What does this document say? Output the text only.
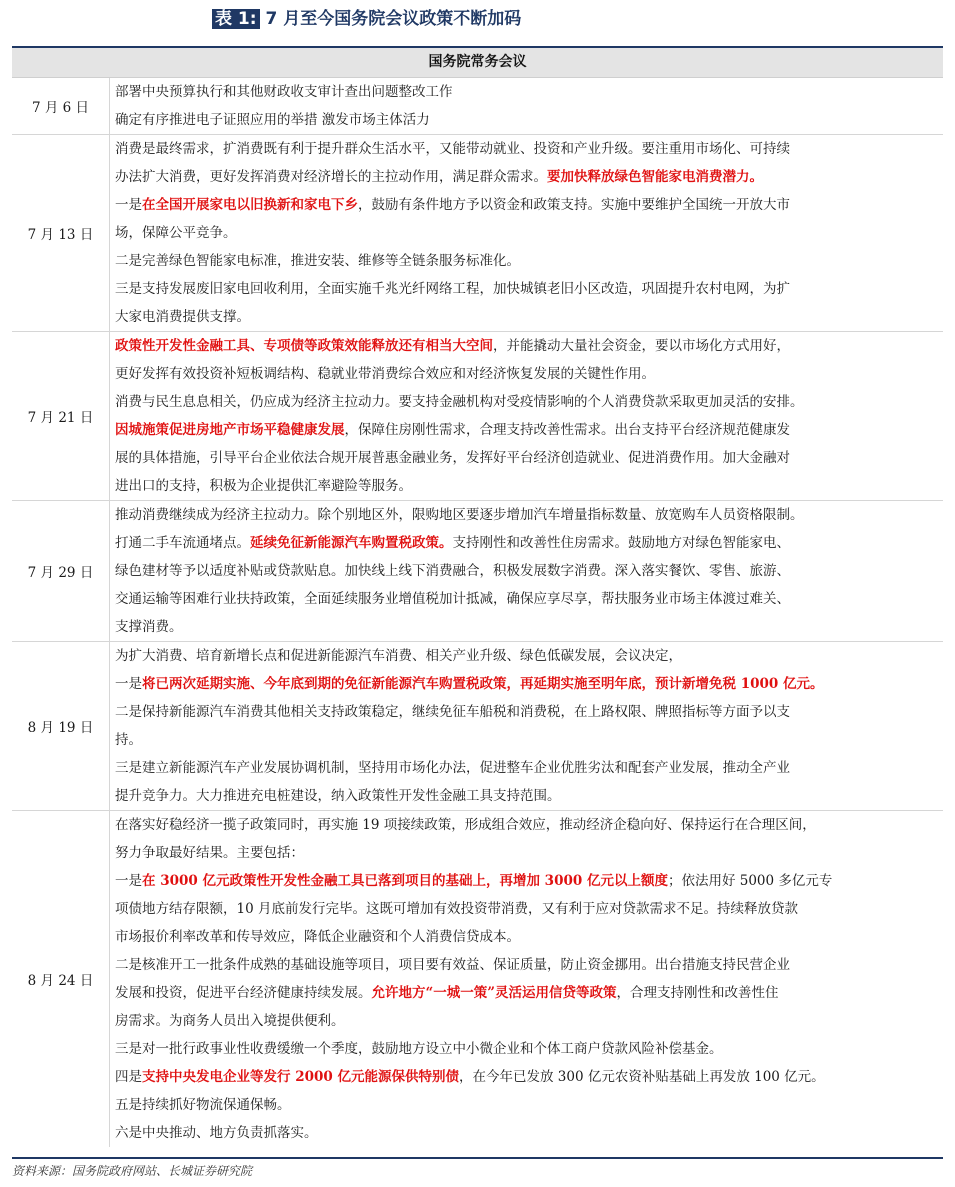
表 1: 7 月至今国务院会议政策不断加码
国务院常务会议
7 月 6 日

部署中央预算执行和其他财政收支审计查出问题整改工作

确定有序推进电子证照应用的举措 激发市场主体活力

7 月 13 日

消费是最终需求，扩消费既有利于提升群众生活水平，又能带动就业、投资和产业升级。要注重用市场化、可持续

办法扩大消费，更好发挥消费对经济增长的主拉动作用，满足群众需求。要加快释放绿色智能家电消费潜力。

一是在全国开展家电以旧换新和家电下乡，鼓励有条件地方予以资金和政策支持。实施中要维护全国统一开放大市

场，保障公平竞争。

二是完善绿色智能家电标准，推进安装、维修等全链条服务标准化。

三是支持发展废旧家电回收利用，全面实施千兆光纤网络工程，加快城镇老旧小区改造，巩固提升农村电网，为扩

大家电消费提供支撑。

7 月 21 日

政策性开发性金融工具、专项债等政策效能释放还有相当大空间，并能撬动大量社会资金，要以市场化方式用好，

更好发挥有效投资补短板调结构、稳就业带消费综合效应和对经济恢复发展的关键性作用。

消费与民生息息相关，仍应成为经济主拉动力。要支持金融机构对受疫情影响的个人消费贷款采取更加灵活的安排。

因城施策促进房地产市场平稳健康发展，保障住房刚性需求，合理支持改善性需求。出台支持平台经济规范健康发

展的具体措施，引导平台企业依法合规开展普惠金融业务，发挥好平台经济创造就业、促进消费作用。加大金融对

进出口的支持，积极为企业提供汇率避险等服务。

7 月 29 日

推动消费继续成为经济主拉动力。除个别地区外，限购地区要逐步增加汽车增量指标数量、放宽购车人员资格限制。

打通二手车流通堵点。延续免征新能源汽车购置税政策。支持刚性和改善性住房需求。鼓励地方对绿色智能家电、

绿色建材等予以适度补贴或贷款贴息。加快线上线下消费融合，积极发展数字消费。深入落实餐饮、零售、旅游、

交通运输等困难行业扶持政策，全面延续服务业增值税加计抵减，确保应享尽享，帮扶服务业市场主体渡过难关、

支撑消费。

8 月 19 日

为扩大消费、培育新增长点和促进新能源汽车消费、相关产业升级、绿色低碳发展，会议决定，

一是将已两次延期实施、今年底到期的免征新能源汽车购置税政策，再延期实施至明年底，预计新增免税 1000 亿元。

二是保持新能源汽车消费其他相关支持政策稳定，继续免征车船税和消费税，在上路权限、牌照指标等方面予以支

持。

三是建立新能源汽车产业发展协调机制，坚持用市场化办法，促进整车企业优胜劣汰和配套产业发展，推动全产业

提升竞争力。大力推进充电桩建设，纳入政策性开发性金融工具支持范围。

8 月 24 日

在落实好稳经济一揽子政策同时，再实施 19 项接续政策，形成组合效应，推动经济企稳向好、保持运行在合理区间，

努力争取最好结果。主要包括：

一是在 3000 亿元政策性开发性金融工具已落到项目的基础上，再增加 3000 亿元以上额度；依法用好 5000 多亿元专

项债地方结存限额，10 月底前发行完毕。这既可增加有效投资带消费，又有利于应对贷款需求不足。持续释放贷款

市场报价利率改革和传导效应，降低企业融资和个人消费信贷成本。

二是核准开工一批条件成熟的基础设施等项目，项目要有效益、保证质量，防止资金挪用。出台措施支持民营企业

发展和投资，促进平台经济健康持续发展。允许地方“一城一策”灵活运用信贷等政策，合理支持刚性和改善性住

房需求。为商务人员出入境提供便利。

三是对一批行政事业性收费缓缴一个季度，鼓励地方设立中小微企业和个体工商户贷款风险补偿基金。

四是支持中央发电企业等发行 2000 亿元能源保供特别债，在今年已发放 300 亿元农资补贴基础上再发放 100 亿元。

五是持续抓好物流保通保畅。

六是中央推动、地方负责抓落实。

资料来源：国务院政府网站、长城证券研究院
